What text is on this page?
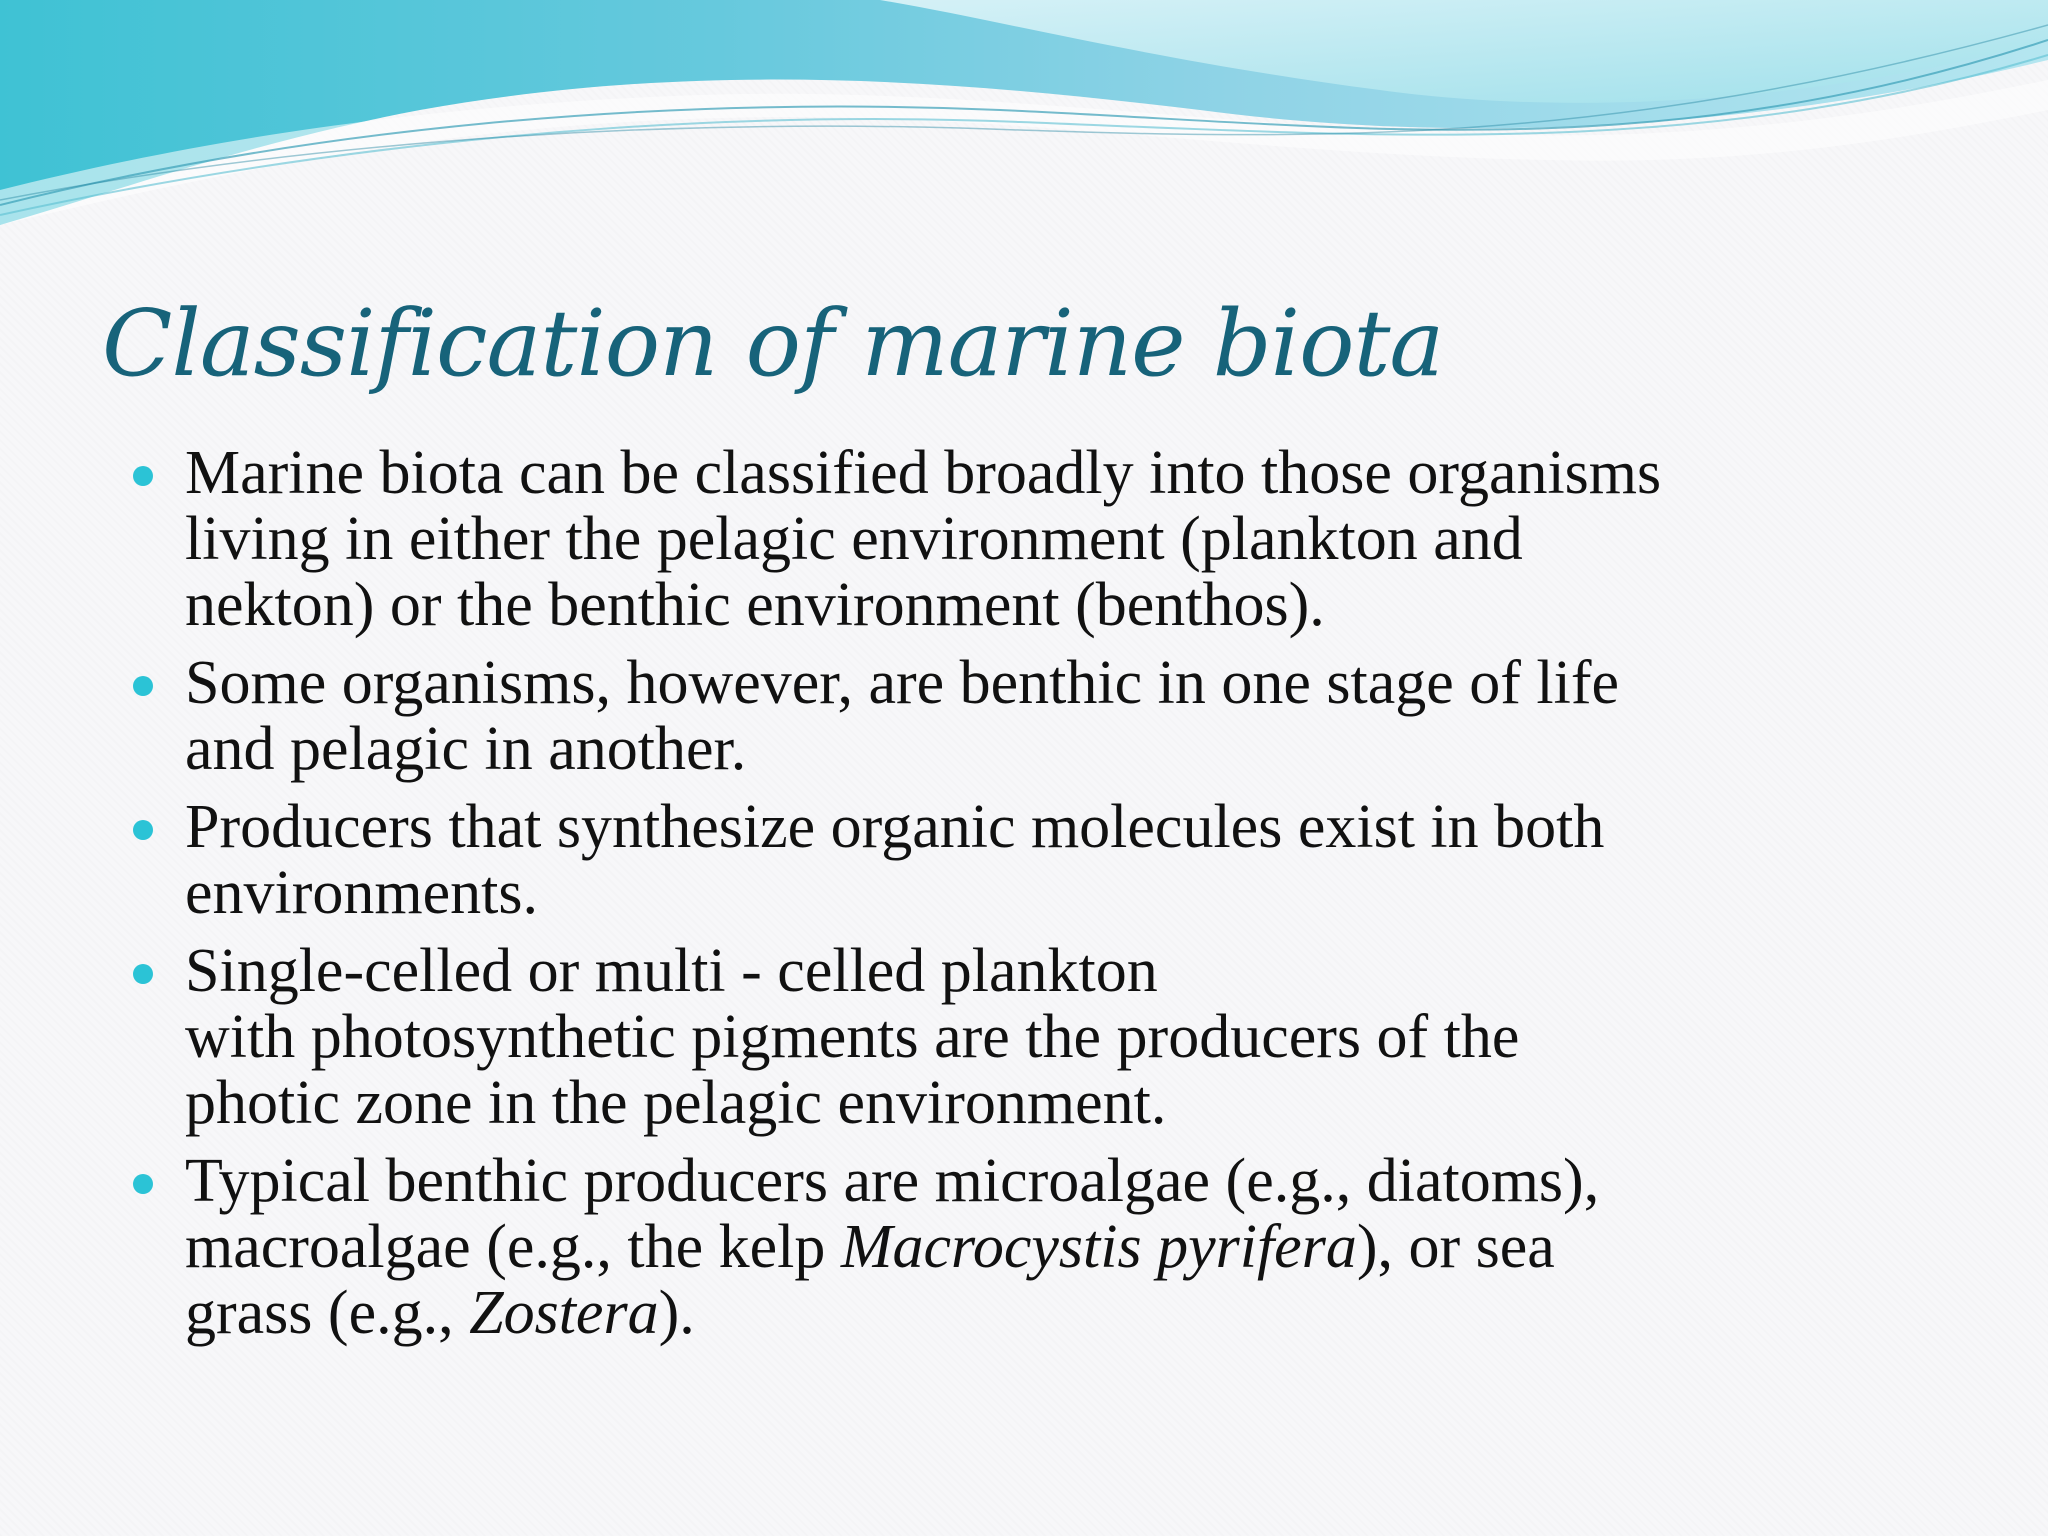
Classification of marine biota
Marine biota can be classified broadly into those organisms
living in either the pelagic environment (plankton and
nekton) or the benthic environment (benthos).
Some organisms, however, are benthic in one stage of life
and pelagic in another.
Producers that synthesize organic molecules exist in both
environments.
Single-celled or multi - celled plankton
with photosynthetic pigments are the producers of the
photic zone in the pelagic environment.
Typical benthic producers are microalgae (e.g., diatoms),
macroalgae (e.g., the kelp Macrocystis pyrifera), or sea
grass (e.g., Zostera).
